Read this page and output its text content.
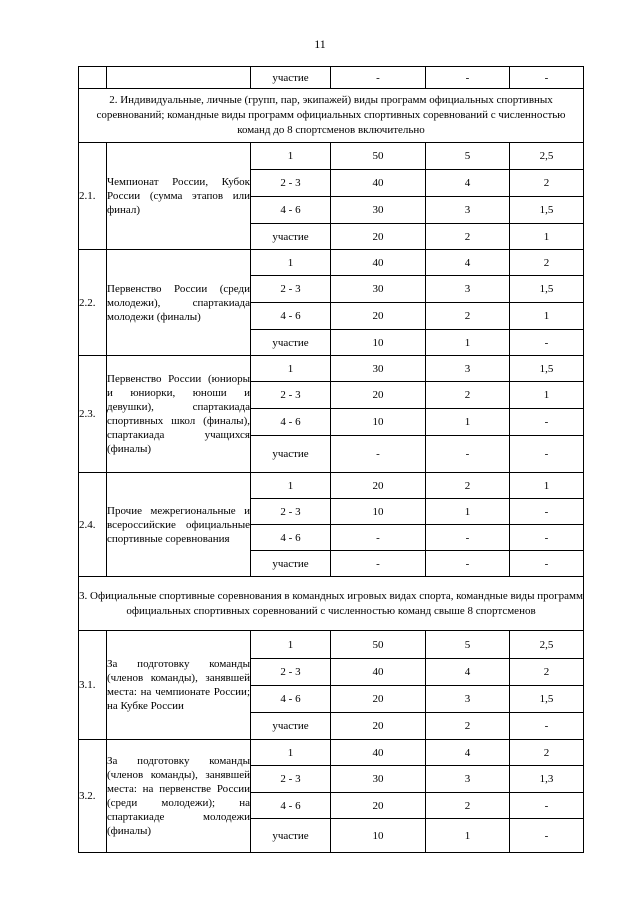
11
		участие	-	-	-
2. Индивидуальные, личные (групп, пар, экипажей) виды программ официальных спортивных соревнований; командные виды программ официальных спортивных соревнований с численностью команд до 8 спортсменов включительно					
2.1.	Чемпионат России, Кубок России (сумма этапов или финал)	1	50	5	2,5
		2 - 3	40	4	2
		4 - 6	30	3	1,5
		участие	20	2	1
2.2.	Первенство России (среди молодежи), спартакиада молодежи (финалы)	1	40	4	2
		2 - 3	30	3	1,5
		4 - 6	20	2	1
		участие	10	1	-
2.3.	Первенство России (юниоры и юниорки, юноши и девушки), спартакиада спортивных школ (финалы), спартакиада учащихся (финалы)	1	30	3	1,5
		2 - 3	20	2	1
		4 - 6	10	1	-
		участие	-	-	-
2.4.	Прочие межрегиональные и всероссийские официальные спортивные соревнования	1	20	2	1
		2 - 3	10	1	-
		4 - 6	-	-	-
		участие	-	-	-
3. Официальные спортивные соревнования в командных игровых видах спорта, командные виды программ официальных спортивных соревнований с численностью команд свыше 8 спортсменов					
3.1.	За подготовку команды (членов команды), занявшей места: на чемпионате России; на Кубке России	1	50	5	2,5
		2 - 3	40	4	2
		4 - 6	20	3	1,5
		участие	20	2	-
3.2.	За подготовку команды (членов команды), занявшей места: на первенстве России (среди молодежи); на спартакиаде молодежи (финалы)	1	40	4	2
		2 - 3	30	3	1,3
		4 - 6	20	2	-
		участие	10	1	-
